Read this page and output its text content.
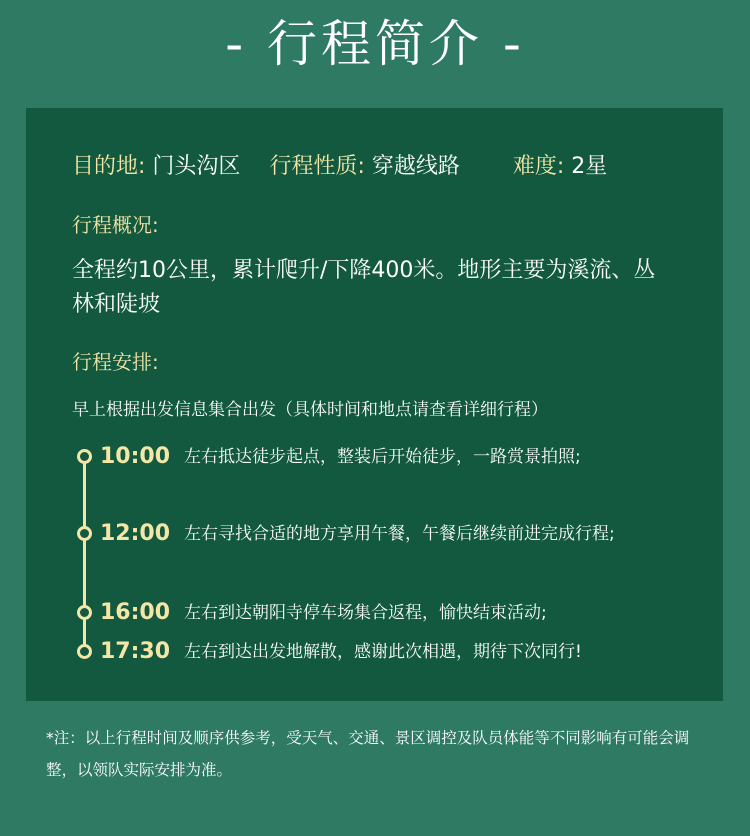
- 行程简介 -
目的地: 门头沟区 行程性质: 穿越线路 难度: 2星
行程概况:
全程约10公里，累计爬升/下降400米。地形主要为溪流、丛林和陡坡
行程安排:
早上根据出发信息集合出发（具体时间和地点请查看详细行程）
10:00 左右抵达徒步起点，整装后开始徒步，一路赏景拍照;
12:00 左右寻找合适的地方享用午餐，午餐后继续前进完成行程;
16:00 左右到达朝阳寺停车场集合返程，愉快结束活动;
17:30 左右到达出发地解散，感谢此次相遇，期待下次同行!
*注：以上行程时间及顺序供参考，受天气、交通、景区调控及队员体能等不同影响有可能会调整，以领队实际安排为准。
